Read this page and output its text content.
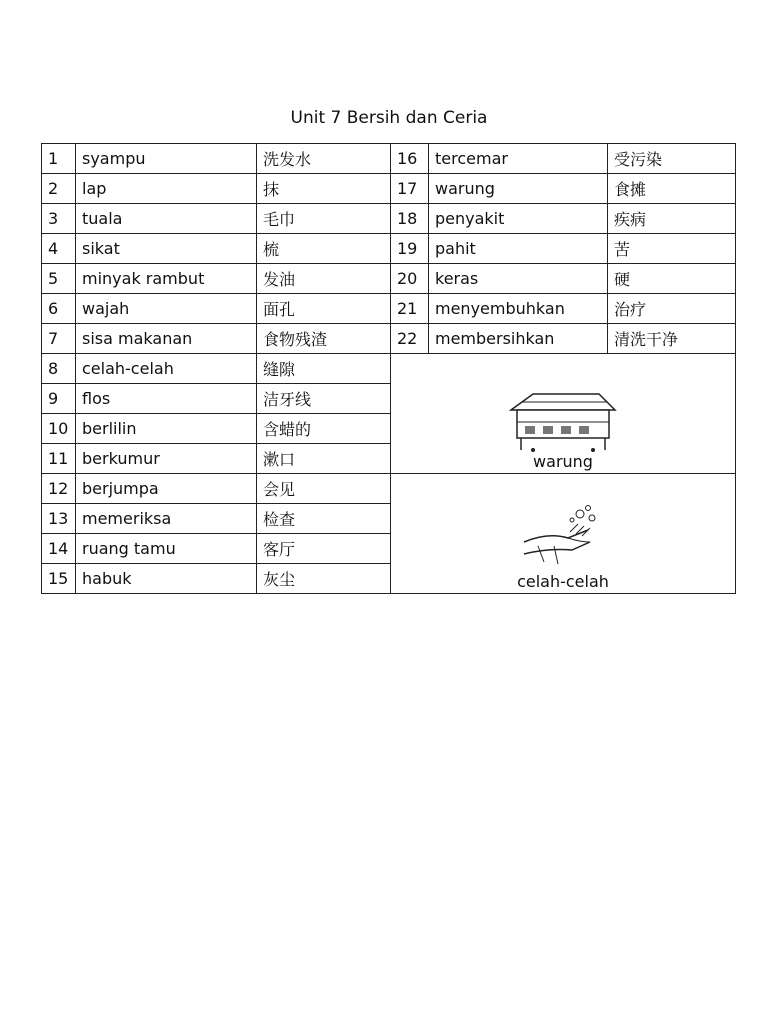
Unit 7 Bersih dan Ceria
1	syampu	洗发水	16	tercemar	受污染	
2	lap	抹	17	warung	食摊	
3	tuala	毛巾	18	penyakit	疾病	
4	sikat	梳	19	pahit	苦	
5	minyak rambut	发油	20	keras	硬	
6	wajah	面孔	21	menyembuhkan	治疗	
7	sisa makanan	食物残渣	22	membersihkan	清洗干净	
8	celah-celah	缝隙	warung

9	flos	洁牙线				
10	berlilin	含蜡的				
11	berkumur	漱口				
12	berjumpa	会见	celah-celah

13	memeriksa	检查				
14	ruang tamu	客厅				
15	habuk	灰尘				
